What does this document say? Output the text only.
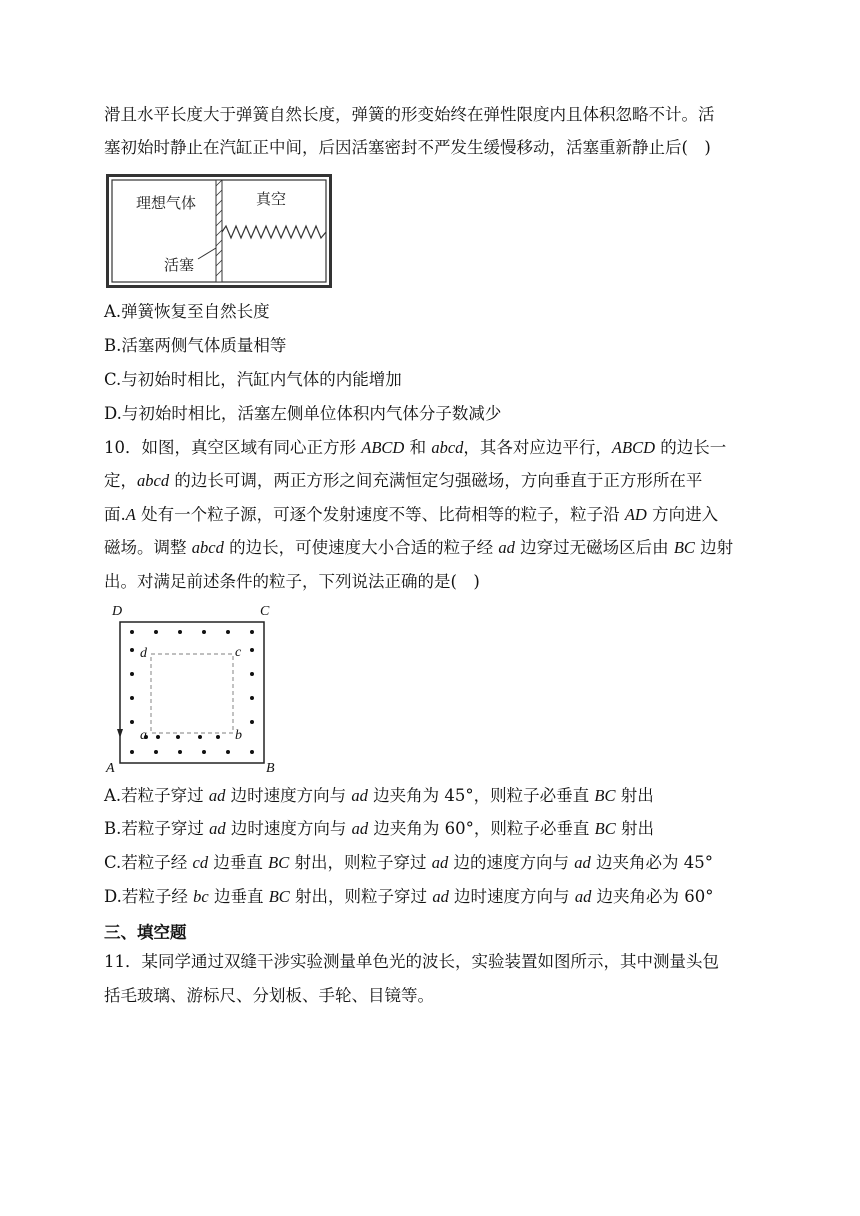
滑且水平长度大于弹簧自然长度，弹簧的形变始终在弹性限度内且体积忽略不计。活
塞初始时静止在汽缸正中间，后因活塞密封不严发生缓慢移动，活塞重新静止后(　)
理想气体	真空
活塞
A.弹簧恢复至自然长度
B.活塞两侧气体质量相等
C.与初始时相比，汽缸内气体的内能增加
D.与初始时相比，活塞左侧单位体积内气体分子数减少
10．如图，真空区域有同心正方形 ABCD 和 abcd，其各对应边平行，ABCD 的边长一
定，abcd 的边长可调，两正方形之间充满恒定匀强磁场，方向垂直于正方形所在平
面.A 处有一个粒子源，可逐个发射速度不等、比荷相等的粒子，粒子沿 AD 方向进入
磁场。调整 abcd 的边长，可使速度大小合适的粒子经 ad 边穿过无磁场区后由 BC 边射
出。对满足前述条件的粒子，下列说法正确的是(　)
D	C
A	B
d	c
a	b
A.若粒子穿过 ad 边时速度方向与 ad 边夹角为 45°，则粒子必垂直 BC 射出
B.若粒子穿过 ad 边时速度方向与 ad 边夹角为 60°，则粒子必垂直 BC 射出
C.若粒子经 cd 边垂直 BC 射出，则粒子穿过 ad 边的速度方向与 ad 边夹角必为 45°
D.若粒子经 bc 边垂直 BC 射出，则粒子穿过 ad 边时速度方向与 ad 边夹角必为 60°
三、填空题
11．某同学通过双缝干涉实验测量单色光的波长，实验装置如图所示，其中测量头包
括毛玻璃、游标尺、分划板、手轮、目镜等。
